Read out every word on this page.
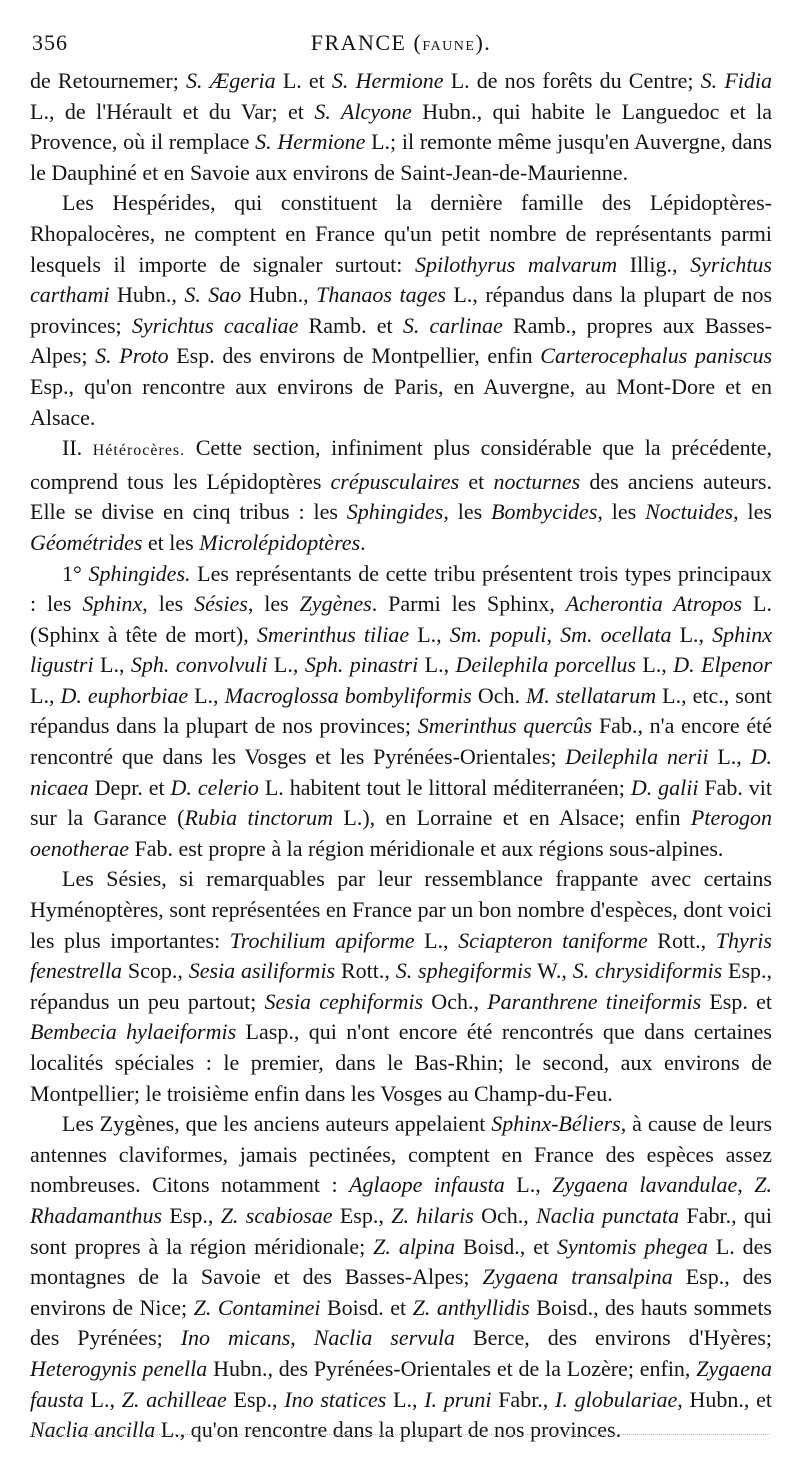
356	FRANCE (FAUNE).

de Retournemer; S. Ægeria L. et S. Hermione L. de nos forêts du Centre; S. Fidia L., de l'Hérault et du Var; et S. Alcyone Hubn., qui habite le Languedoc et la Provence, où il remplace S. Hermione L.; il remonte même jusqu'en Auvergne, dans le Dauphiné et en Savoie aux environs de Saint-Jean-de-Maurienne.

Les Hespérides, qui constituent la dernière famille des Lépidoptères-Rhopalocères, ne comptent en France qu'un petit nombre de représentants parmi lesquels il importe de signaler surtout: Spilothyrus malvarum Illig., Syrichtus carthami Hubn., S. Sao Hubn., Thanaos tages L., répandus dans la plupart de nos provinces; Syrichtus cacaliae Ramb. et S. carlinae Ramb., propres aux Basses-Alpes; S. Proto Esp. des environs de Montpellier, enfin Carterocephalus paniscus Esp., qu'on rencontre aux environs de Paris, en Auvergne, au Mont-Dore et en Alsace.

II. Hétérocères. Cette section, infiniment plus considérable que la précédente, comprend tous les Lépidoptères crépusculaires et nocturnes des anciens auteurs. Elle se divise en cinq tribus : les Sphingides, les Bombycides, les Noctuides, les Géométrides et les Microlépidoptères.

1° Sphingides. Les représentants de cette tribu présentent trois types principaux : les Sphinx, les Sésies, les Zygènes. Parmi les Sphinx, Acherontia Atropos L. (Sphinx à tête de mort), Smerinthus tiliae L., Sm. populi, Sm. ocellata L., Sphinx ligustri L., Sph. convolvuli L., Sph. pinastri L., Deilephila porcellus L., D. Elpenor L., D. euphorbiae L., Macroglossa bombyliformis Och. M. stellatarum L., etc., sont répandus dans la plupart de nos provinces; Smerinthus quercûs Fab., n'a encore été rencontré que dans les Vosges et les Pyrénées-Orientales; Deilephila nerii L., D. nicaea Depr. et D. celerio L. habitent tout le littoral méditerranéen; D. galii Fab. vit sur la Garance (Rubia tinctorum L.), en Lorraine et en Alsace; enfin Pterogon oenotherae Fab. est propre à la région méridionale et aux régions sous-alpines.

Les Sésies, si remarquables par leur ressemblance frappante avec certains Hyménoptères, sont représentées en France par un bon nombre d'espèces, dont voici les plus importantes: Trochilium apiforme L., Sciapteron taniforme Rott., Thyris fenestrella Scop., Sesia asiliformis Rott., S. sphegiformis W., S. chrysidiformis Esp., répandus un peu partout; Sesia cephiformis Och., Paranthrene tineiformis Esp. et Bembecia hylaeiformis Lasp., qui n'ont encore été rencontrés que dans certaines localités spéciales : le premier, dans le Bas-Rhin; le second, aux environs de Montpellier; le troisième enfin dans les Vosges au Champ-du-Feu.

Les Zygènes, que les anciens auteurs appelaient Sphinx-Béliers, à cause de leurs antennes claviformes, jamais pectinées, comptent en France des espèces assez nombreuses. Citons notamment : Aglaope infausta L., Zygaena lavandulae, Z. Rhadamanthus Esp., Z. scabiosae Esp., Z. hilaris Och., Naclia punctata Fabr., qui sont propres à la région méridionale; Z. alpina Boisd., et Syntomis phegea L. des montagnes de la Savoie et des Basses-Alpes; Zygaena transalpina Esp., des environs de Nice; Z. Contaminei Boisd. et Z. anthyllidis Boisd., des hauts sommets des Pyrénées; Ino micans, Naclia servula Berce, des environs d'Hyères; Heterogynis penella Hubn., des Pyrénées-Orientales et de la Lozère; enfin, Zygaena fausta L., Z. achilleae Esp., Ino statices L., I. pruni Fabr., I. globulariae, Hubn., et Naclia ancilla L., qu'on rencontre dans la plupart de nos provinces.
